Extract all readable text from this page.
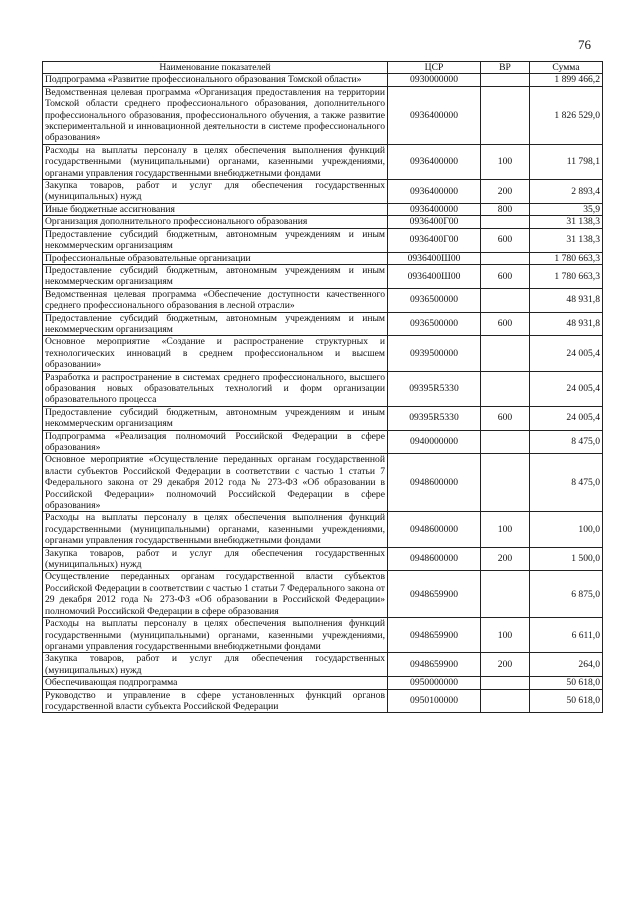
76
Наименование показателей	ЦСР	ВР	Сумма
Подпрограмма «Развитие профессионального образования Томской области»	0930000000		1 899 466,2
Ведомственная целевая программа «Организация предоставления на территории Томской области среднего профессионального образования, дополнительного профессионального образования, профессионального обучения, а также развитие экспериментальной и инновационной деятельности в системе профессионального образования»	0936400000		1 826 529,0
Расходы на выплаты персоналу в целях обеспечения выполнения функций государственными (муниципальными) органами, казенными учреждениями, органами управления государственными внебюджетными фондами	0936400000	100	11 798,1
Закупка товаров, работ и услуг для обеспечения государственных (муниципальных) нужд	0936400000	200	2 893,4
Иные бюджетные ассигнования	0936400000	800	35,9
Организация дополнительного профессионального образования	0936400Г00		31 138,3
Предоставление субсидий бюджетным, автономным учреждениям и иным некоммерческим организациям	0936400Г00	600	31 138,3
Профессиональные образовательные организации	0936400Ш00		1 780 663,3
Предоставление субсидий бюджетным, автономным учреждениям и иным некоммерческим организациям	0936400Ш00	600	1 780 663,3
Ведомственная целевая программа «Обеспечение доступности качественного среднего профессионального образования в лесной отрасли»	0936500000		48 931,8
Предоставление субсидий бюджетным, автономным учреждениям и иным некоммерческим организациям	0936500000	600	48 931,8
Основное мероприятие «Создание и распространение структурных и технологических инноваций в среднем профессиональном и высшем образовании»	0939500000		24 005,4
Разработка и распространение в системах среднего профессионального, высшего образования новых образовательных технологий и форм организации образовательного процесса	09395R5330		24 005,4
Предоставление субсидий бюджетным, автономным учреждениям и иным некоммерческим организациям	09395R5330	600	24 005,4
Подпрограмма «Реализация полномочий Российской Федерации в сфере образования»	0940000000		8 475,0
Основное мероприятие «Осуществление переданных органам государственной власти субъектов Российской Федерации в соответствии с частью 1 статьи 7 Федерального закона от 29 декабря 2012 года № 273-ФЗ «Об образовании в Российской Федерации» полномочий Российской Федерации в сфере образования»	0948600000		8 475,0
Расходы на выплаты персоналу в целях обеспечения выполнения функций государственными (муниципальными) органами, казенными учреждениями, органами управления государственными внебюджетными фондами	0948600000	100	100,0
Закупка товаров, работ и услуг для обеспечения государственных (муниципальных) нужд	0948600000	200	1 500,0
Осуществление переданных органам государственной власти субъектов Российской Федерации в соответствии с частью 1 статьи 7 Федерального закона от 29 декабря 2012 года № 273-ФЗ «Об образовании в Российской Федерации» полномочий Российской Федерации в сфере образования	0948659900		6 875,0
Расходы на выплаты персоналу в целях обеспечения выполнения функций государственными (муниципальными) органами, казенными учреждениями, органами управления государственными внебюджетными фондами	0948659900	100	6 611,0
Закупка товаров, работ и услуг для обеспечения государственных (муниципальных) нужд	0948659900	200	264,0
Обеспечивающая подпрограмма	0950000000		50 618,0
Руководство и управление в сфере установленных функций органов государственной власти субъекта Российской Федерации	0950100000		50 618,0
